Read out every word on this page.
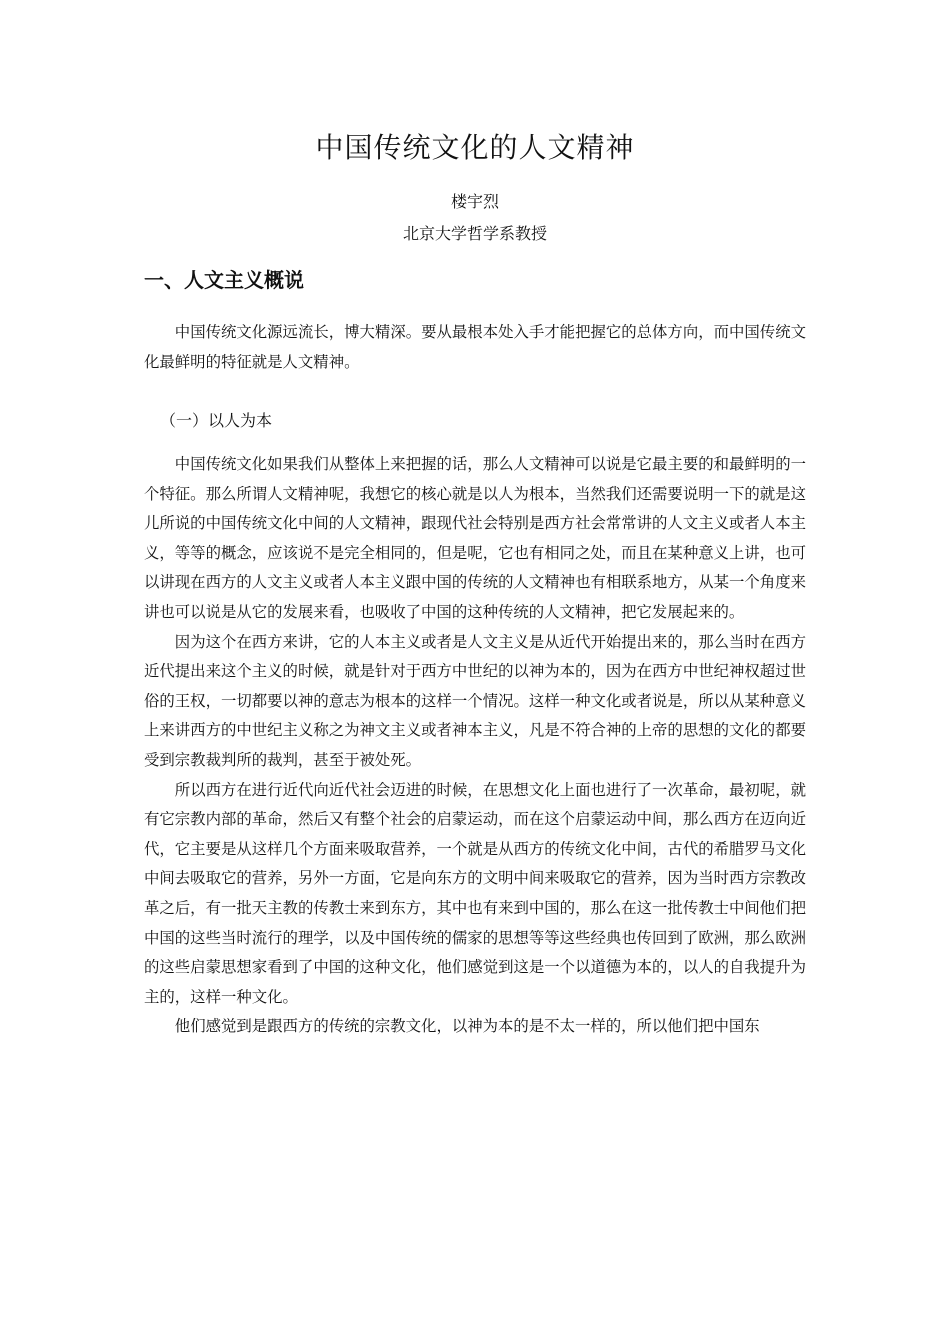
中国传统文化的人文精神
楼宇烈
北京大学哲学系教授
一、人文主义概说

中国传统文化源远流长，博大精深。要从最根本处入手才能把握它的总体方向，而中国传统文化最鲜明的特征就是人文精神。

（一）以人为本

中国传统文化如果我们从整体上来把握的话，那么人文精神可以说是它最主要的和最鲜明的一个特征。那么所谓人文精神呢，我想它的核心就是以人为根本，当然我们还需要说明一下的就是这儿所说的中国传统文化中间的人文精神，跟现代社会特别是西方社会常常讲的人文主义或者人本主义，等等的概念，应该说不是完全相同的，但是呢，它也有相同之处，而且在某种意义上讲，也可以讲现在西方的人文主义或者人本主义跟中国的传统的人文精神也有相联系地方，从某一个角度来讲也可以说是从它的发展来看，也吸收了中国的这种传统的人文精神，把它发展起来的。

因为这个在西方来讲，它的人本主义或者是人文主义是从近代开始提出来的，那么当时在西方近代提出来这个主义的时候，就是针对于西方中世纪的以神为本的，因为在西方中世纪神权超过世俗的王权，一切都要以神的意志为根本的这样一个情况。这样一种文化或者说是，所以从某种意义上来讲西方的中世纪主义称之为神文主义或者神本主义，凡是不符合神的上帝的思想的文化的都要受到宗教裁判所的裁判，甚至于被处死。

所以西方在进行近代向近代社会迈进的时候，在思想文化上面也进行了一次革命，最初呢，就有它宗教内部的革命，然后又有整个社会的启蒙运动，而在这个启蒙运动中间，那么西方在迈向近代，它主要是从这样几个方面来吸取营养，一个就是从西方的传统文化中间，古代的希腊罗马文化中间去吸取它的营养，另外一方面，它是向东方的文明中间来吸取它的营养，因为当时西方宗教改革之后，有一批天主教的传教士来到东方，其中也有来到中国的，那么在这一批传教士中间他们把中国的这些当时流行的理学，以及中国传统的儒家的思想等等这些经典也传回到了欧洲，那么欧洲的这些启蒙思想家看到了中国的这种文化，他们感觉到这是一个以道德为本的，以人的自我提升为主的，这样一种文化。

他们感觉到是跟西方的传统的宗教文化，以神为本的是不太一样的，所以他们把中国东
